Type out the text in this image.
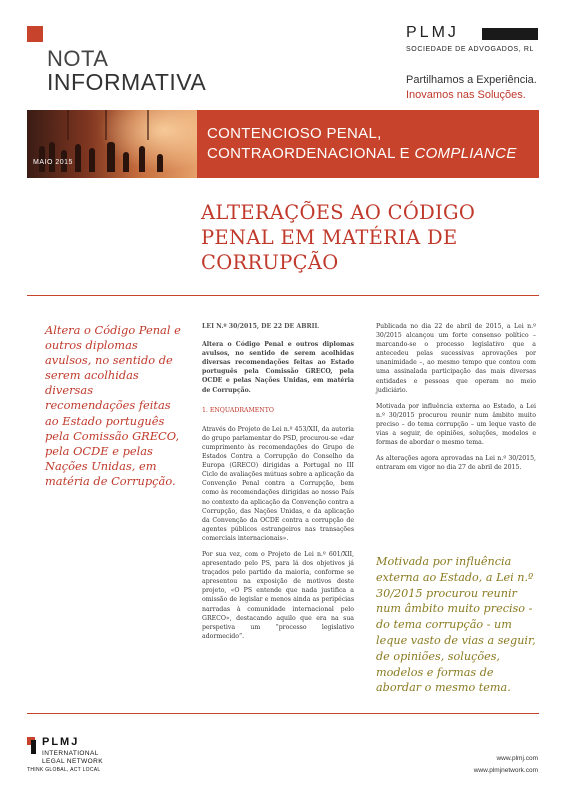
NOTA
INFORMATIVA
PLMJ
SOCIEDADE DE ADVOGADOS, RL
Partilhamos a Experiência.
Inovamos nas Soluções.
CONTENCIOSO PENAL,
CONTRAORDENACIONAL E COMPLIANCE
MAIO 2015
ALTERAÇÕES AO CÓDIGO
PENAL EM MATÉRIA DE
CORRUPÇÃO
Altera o Código Penal e outros diplomas avulsos, no sentido de serem acolhidas diversas recomendações feitas ao Estado português pela Comissão GRECO, pela OCDE e pelas Nações Unidas, em matéria de Corrupção.

LEI N.º 30/2015, DE 22 DE ABRIL

Altera o Código Penal e outros diplomas avulsos, no sentido de serem acolhidas diversas recomendações feitas ao Estado português pela Comissão GRECO, pela OCDE e pelas Nações Unidas, em matéria de Corrupção.

1. ENQUADRAMENTO

Através do Projeto de Lei n.º 453/XII, da autoria do grupo parlamentar do PSD, procurou-se «dar cumprimento às recomendações do Grupo de Estados Contra a Corrupção do Conselho da Europa (GRECO) dirigidas a Portugal no III Ciclo de avaliações mútuas sobre a aplicação da Convenção Penal contra a Corrupção, bem como às recomendações dirigidas ao nosso País no contexto da aplicação da Convenção contra a Corrupção, das Nações Unidas, e da aplicação da Convenção da OCDE contra a corrupção de agentes públicos estrangeiros nas transações comerciais internacionais».

Por sua vez, com o Projeto de Lei n.º 601/XII, apresentado pelo PS, para lá dos objetivos já traçados pelo partido da maioria, conforme se apresentou na exposição de motivos deste projeto, «O PS entende que nada justifica a omissão de legislar e menos ainda as peripécias narradas à comunidade internacional pelo GRECO», destacando aquilo que era na sua perspetiva um “processo legislativo adormecido”.

Publicada no dia 22 de abril de 2015, a Lei n.º 30/2015 alcançou um forte consenso político – marcando-se o processo legislativo que a antecedeu pelas sucessivas aprovações por unanimidade –, ao mesmo tempo que contou com uma assinalada participação das mais diversas entidades e pessoas que operam no meio judiciário.

Motivada por influência externa ao Estado, a Lei n.º 30/2015 procurou reunir num âmbito muito preciso – do tema corrupção – um leque vasto de vias a seguir, de opiniões, soluções, modelos e formas de abordar o mesmo tema.

As alterações agora aprovadas na Lei n.º 30/2015, entraram em vigor no dia 27 de abril de 2015.

Motivada por influência externa ao Estado, a Lei n.º 30/2015 procurou reunir num âmbito muito preciso - do tema corrupção - um leque vasto de vias a seguir, de opiniões, soluções, modelos e formas de abordar o mesmo tema.
PLMJ
INTERNATIONAL LEGAL NETWORK
THINK GLOBAL, ACT LOCAL
www.plmj.com
www.plmjnetwork.com
